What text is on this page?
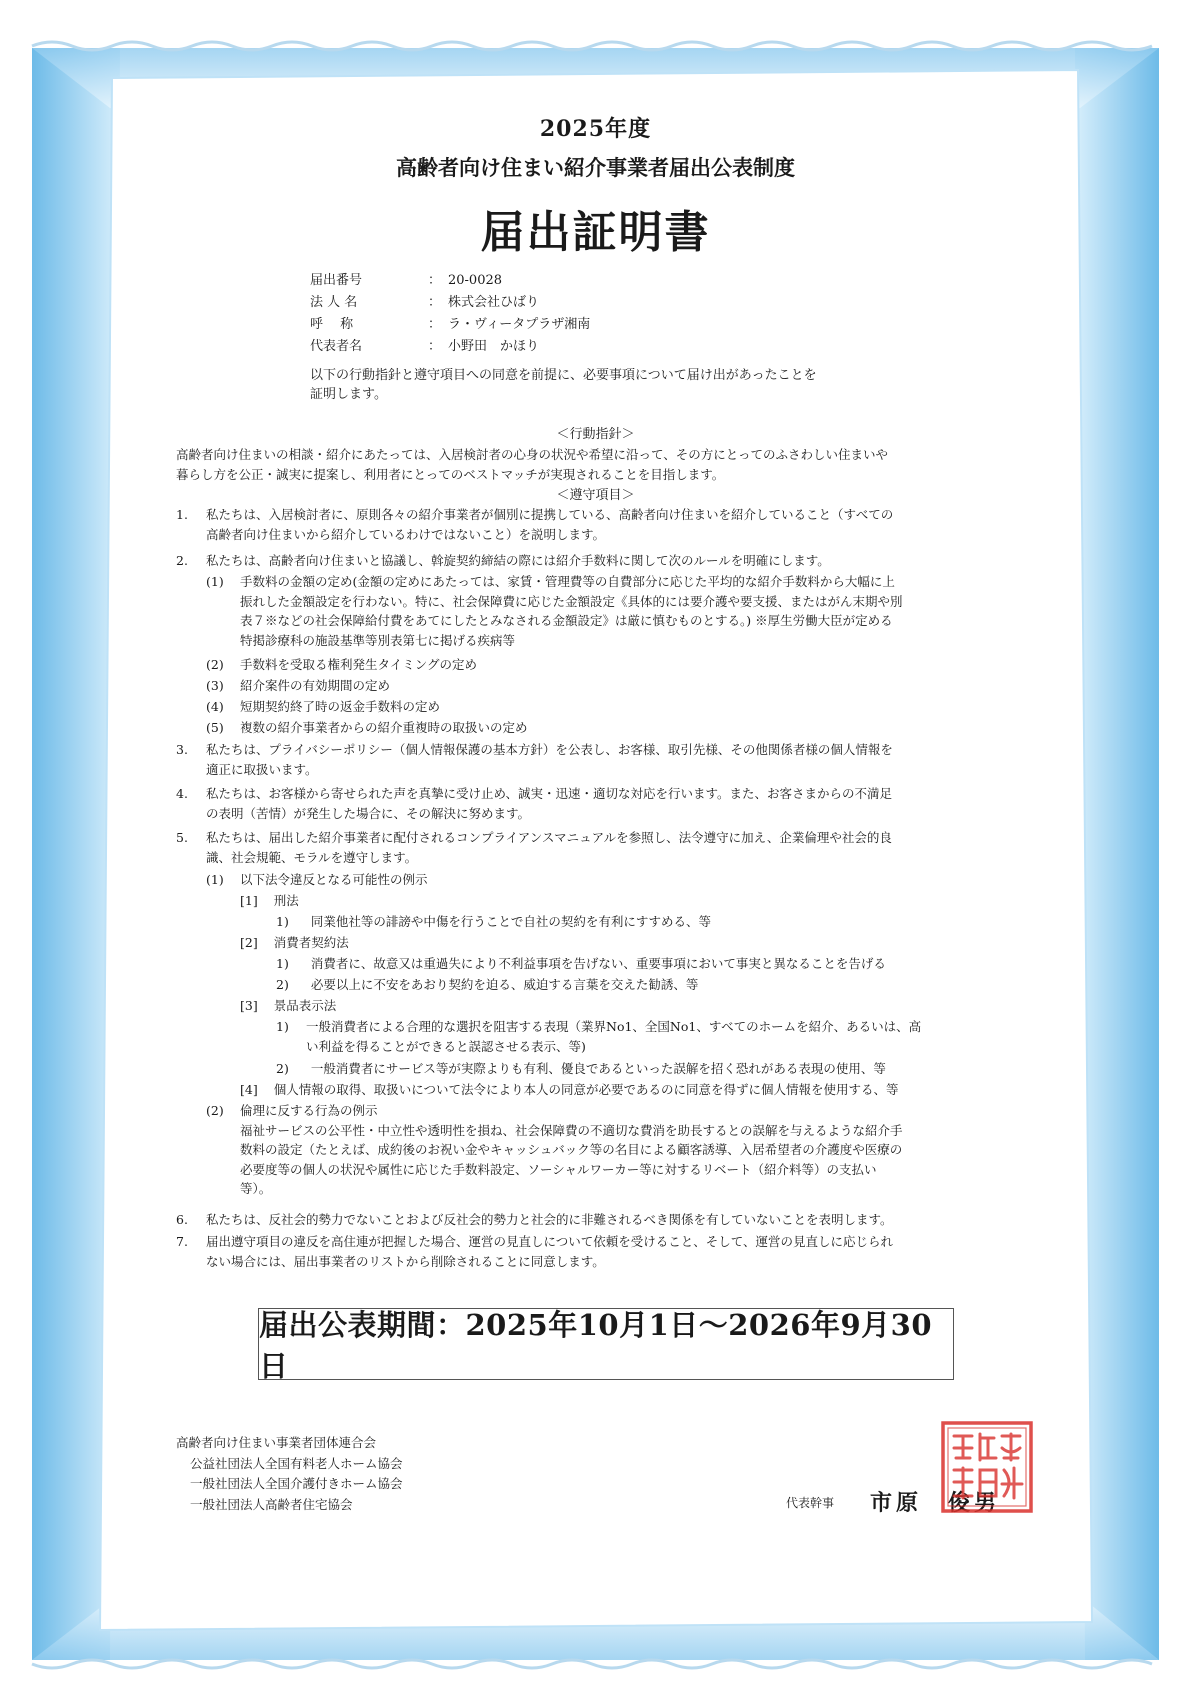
2025年度
高齢者向け住まい紹介事業者届出公表制度
届出証明書
届出番号	： 20-0028
法 人 名	： 株式会社ひばり
呼　 称	： ラ・ヴィータプラザ湘南
代表者名	： 小野田　かほり
以下の行動指針と遵守項目への同意を前提に、必要事項について届け出があったことを
証明します。
＜行動指針＞
高齢者向け住まいの相談・紹介にあたっては、入居検討者の心身の状況や希望に沿って、その方にとってのふさわしい住まいや
暮らし方を公正・誠実に提案し、利用者にとってのベストマッチが実現されることを目指します。
＜遵守項目＞
1. 私たちは、入居検討者に、原則各々の紹介事業者が個別に提携している、高齢者向け住まいを紹介していること（すべての
高齢者向け住まいから紹介しているわけではないこと）を説明します。
2. 私たちは、高齢者向け住まいと協議し、斡旋契約締結の際には紹介手数料に関して次のルールを明確にします。
(1) 手数料の金額の定め(金額の定めにあたっては、家賃・管理費等の自費部分に応じた平均的な紹介手数料から大幅に上
振れした金額設定を行わない。特に、社会保障費に応じた金額設定《具体的には要介護や要支援、またはがん末期や別
表７※などの社会保障給付費をあてにしたとみなされる金額設定》は厳に慎むものとする。) ※厚生労働大臣が定める
特掲診療科の施設基準等別表第七に掲げる疾病等
(2) 手数料を受取る権利発生タイミングの定め
(3) 紹介案件の有効期間の定め
(4) 短期契約終了時の返金手数料の定め
(5) 複数の紹介事業者からの紹介重複時の取扱いの定め
3. 私たちは、プライバシーポリシー（個人情報保護の基本方針）を公表し、お客様、取引先様、その他関係者様の個人情報を
適正に取扱います。
4. 私たちは、お客様から寄せられた声を真摯に受け止め、誠実・迅速・適切な対応を行います。また、お客さまからの不満足
の表明（苦情）が発生した場合に、その解決に努めます。
5. 私たちは、届出した紹介事業者に配付されるコンプライアンスマニュアルを参照し、法令遵守に加え、企業倫理や社会的良
識、社会規範、モラルを遵守します。
(1) 以下法令違反となる可能性の例示
[1] 刑法
1) 同業他社等の誹謗や中傷を行うことで自社の契約を有利にすすめる、等
[2] 消費者契約法
1) 消費者に、故意又は重過失により不利益事項を告げない、重要事項において事実と異なることを告げる
2) 必要以上に不安をあおり契約を迫る、威迫する言葉を交えた勧誘、等
[3] 景品表示法
1) 一般消費者による合理的な選択を阻害する表現（業界No1、全国No1、すべてのホームを紹介、あるいは、高
い利益を得ることができると誤認させる表示、等)
2) 一般消費者にサービス等が実際よりも有利、優良であるといった誤解を招く恐れがある表現の使用、等
[4] 個人情報の取得、取扱いについて法令により本人の同意が必要であるのに同意を得ずに個人情報を使用する、等
(2) 倫理に反する行為の例示
福祉サービスの公平性・中立性や透明性を損ね、社会保障費の不適切な費消を助長するとの誤解を与えるような紹介手
数料の設定（たとえば、成約後のお祝い金やキャッシュバック等の名目による顧客誘導、入居希望者の介護度や医療の
必要度等の個人の状況や属性に応じた手数料設定、ソーシャルワーカー等に対するリベート（紹介料等）の支払い
等）。
6. 私たちは、反社会的勢力でないことおよび反社会的勢力と社会的に非難されるべき関係を有していないことを表明します。
7. 届出遵守項目の違反を高住連が把握した場合、運営の見直しについて依頼を受けること、そして、運営の見直しに応じられ
ない場合には、届出事業者のリストから削除されることに同意します。
届出公表期間：2025年10月1日～2026年9月30日
高齢者向け住まい事業者団体連合会
公益社団法人全国有料老人ホーム協会
一般社団法人全国介護付きホーム協会
一般社団法人高齢者住宅協会	代表幹事 市原　俊男
